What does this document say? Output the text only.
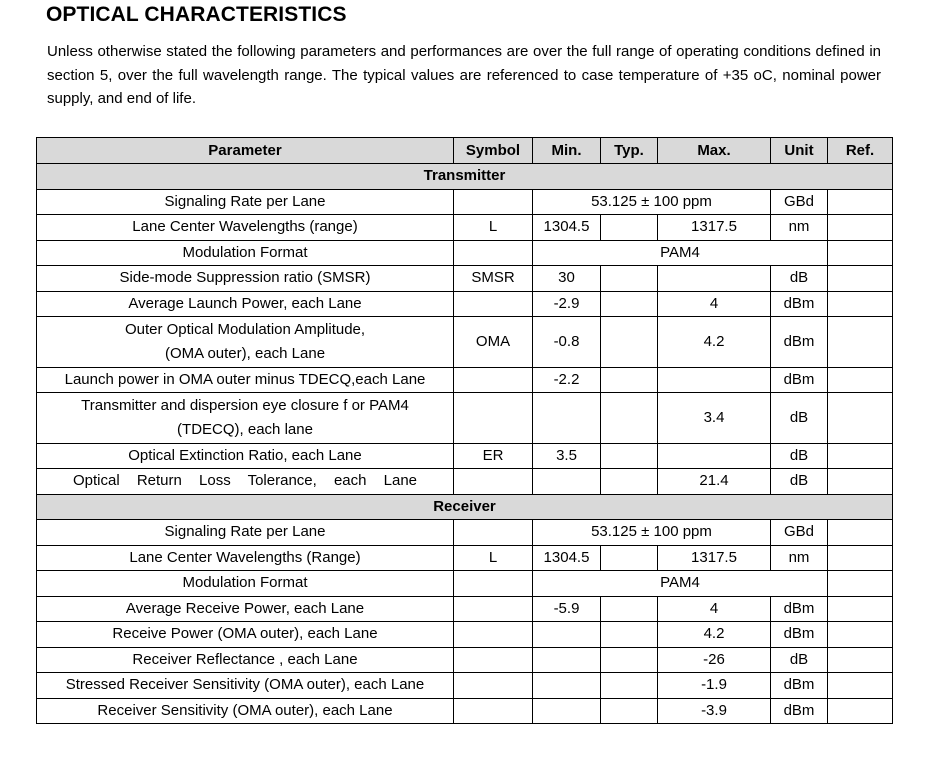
OPTICAL CHARACTERISTICS
Unless otherwise stated the following parameters and performances are over the full range of operating conditions defined in section 5, over the full wavelength range. The typical values are referenced to case temperature of +35 oC, nominal power supply, and end of life.
Parameter	Symbol	Min.	Typ.	Max.	Unit	Ref.
Transmitter						
Signaling Rate per Lane		53.125 ± 100 ppm			GBd	
Lane Center Wavelengths (range)	L	1304.5		1317.5	nm	
Modulation Format		PAM4				
Side-mode Suppression ratio (SMSR)	SMSR	30			dB	
Average Launch Power, each Lane		-2.9		4	dBm	

Outer Optical Modulation Amplitude,
(OMA outer), each Lane	OMA	-0.8		4.2	dBm	
Launch power in OMA outer minus TDECQ,each Lane		-2.2			dBm	

Transmitter and dispersion eye closure f or PAM4
(TDECQ), each lane				3.4	dB	
Optical Extinction Ratio, each Lane	ER	3.5			dB	
Optical Return Loss Tolerance, each Lane				21.4	dB	
Receiver						
Signaling Rate per Lane		53.125 ± 100 ppm			GBd	
Lane Center Wavelengths (Range)	L	1304.5		1317.5	nm	
Modulation Format		PAM4				
Average Receive Power, each Lane		-5.9		4	dBm	
Receive Power (OMA outer), each Lane				4.2	dBm	
Receiver Reflectance , each Lane				-26	dB	
Stressed Receiver Sensitivity (OMA outer), each Lane				-1.9	dBm	
Receiver Sensitivity (OMA outer), each Lane				-3.9	dBm	
